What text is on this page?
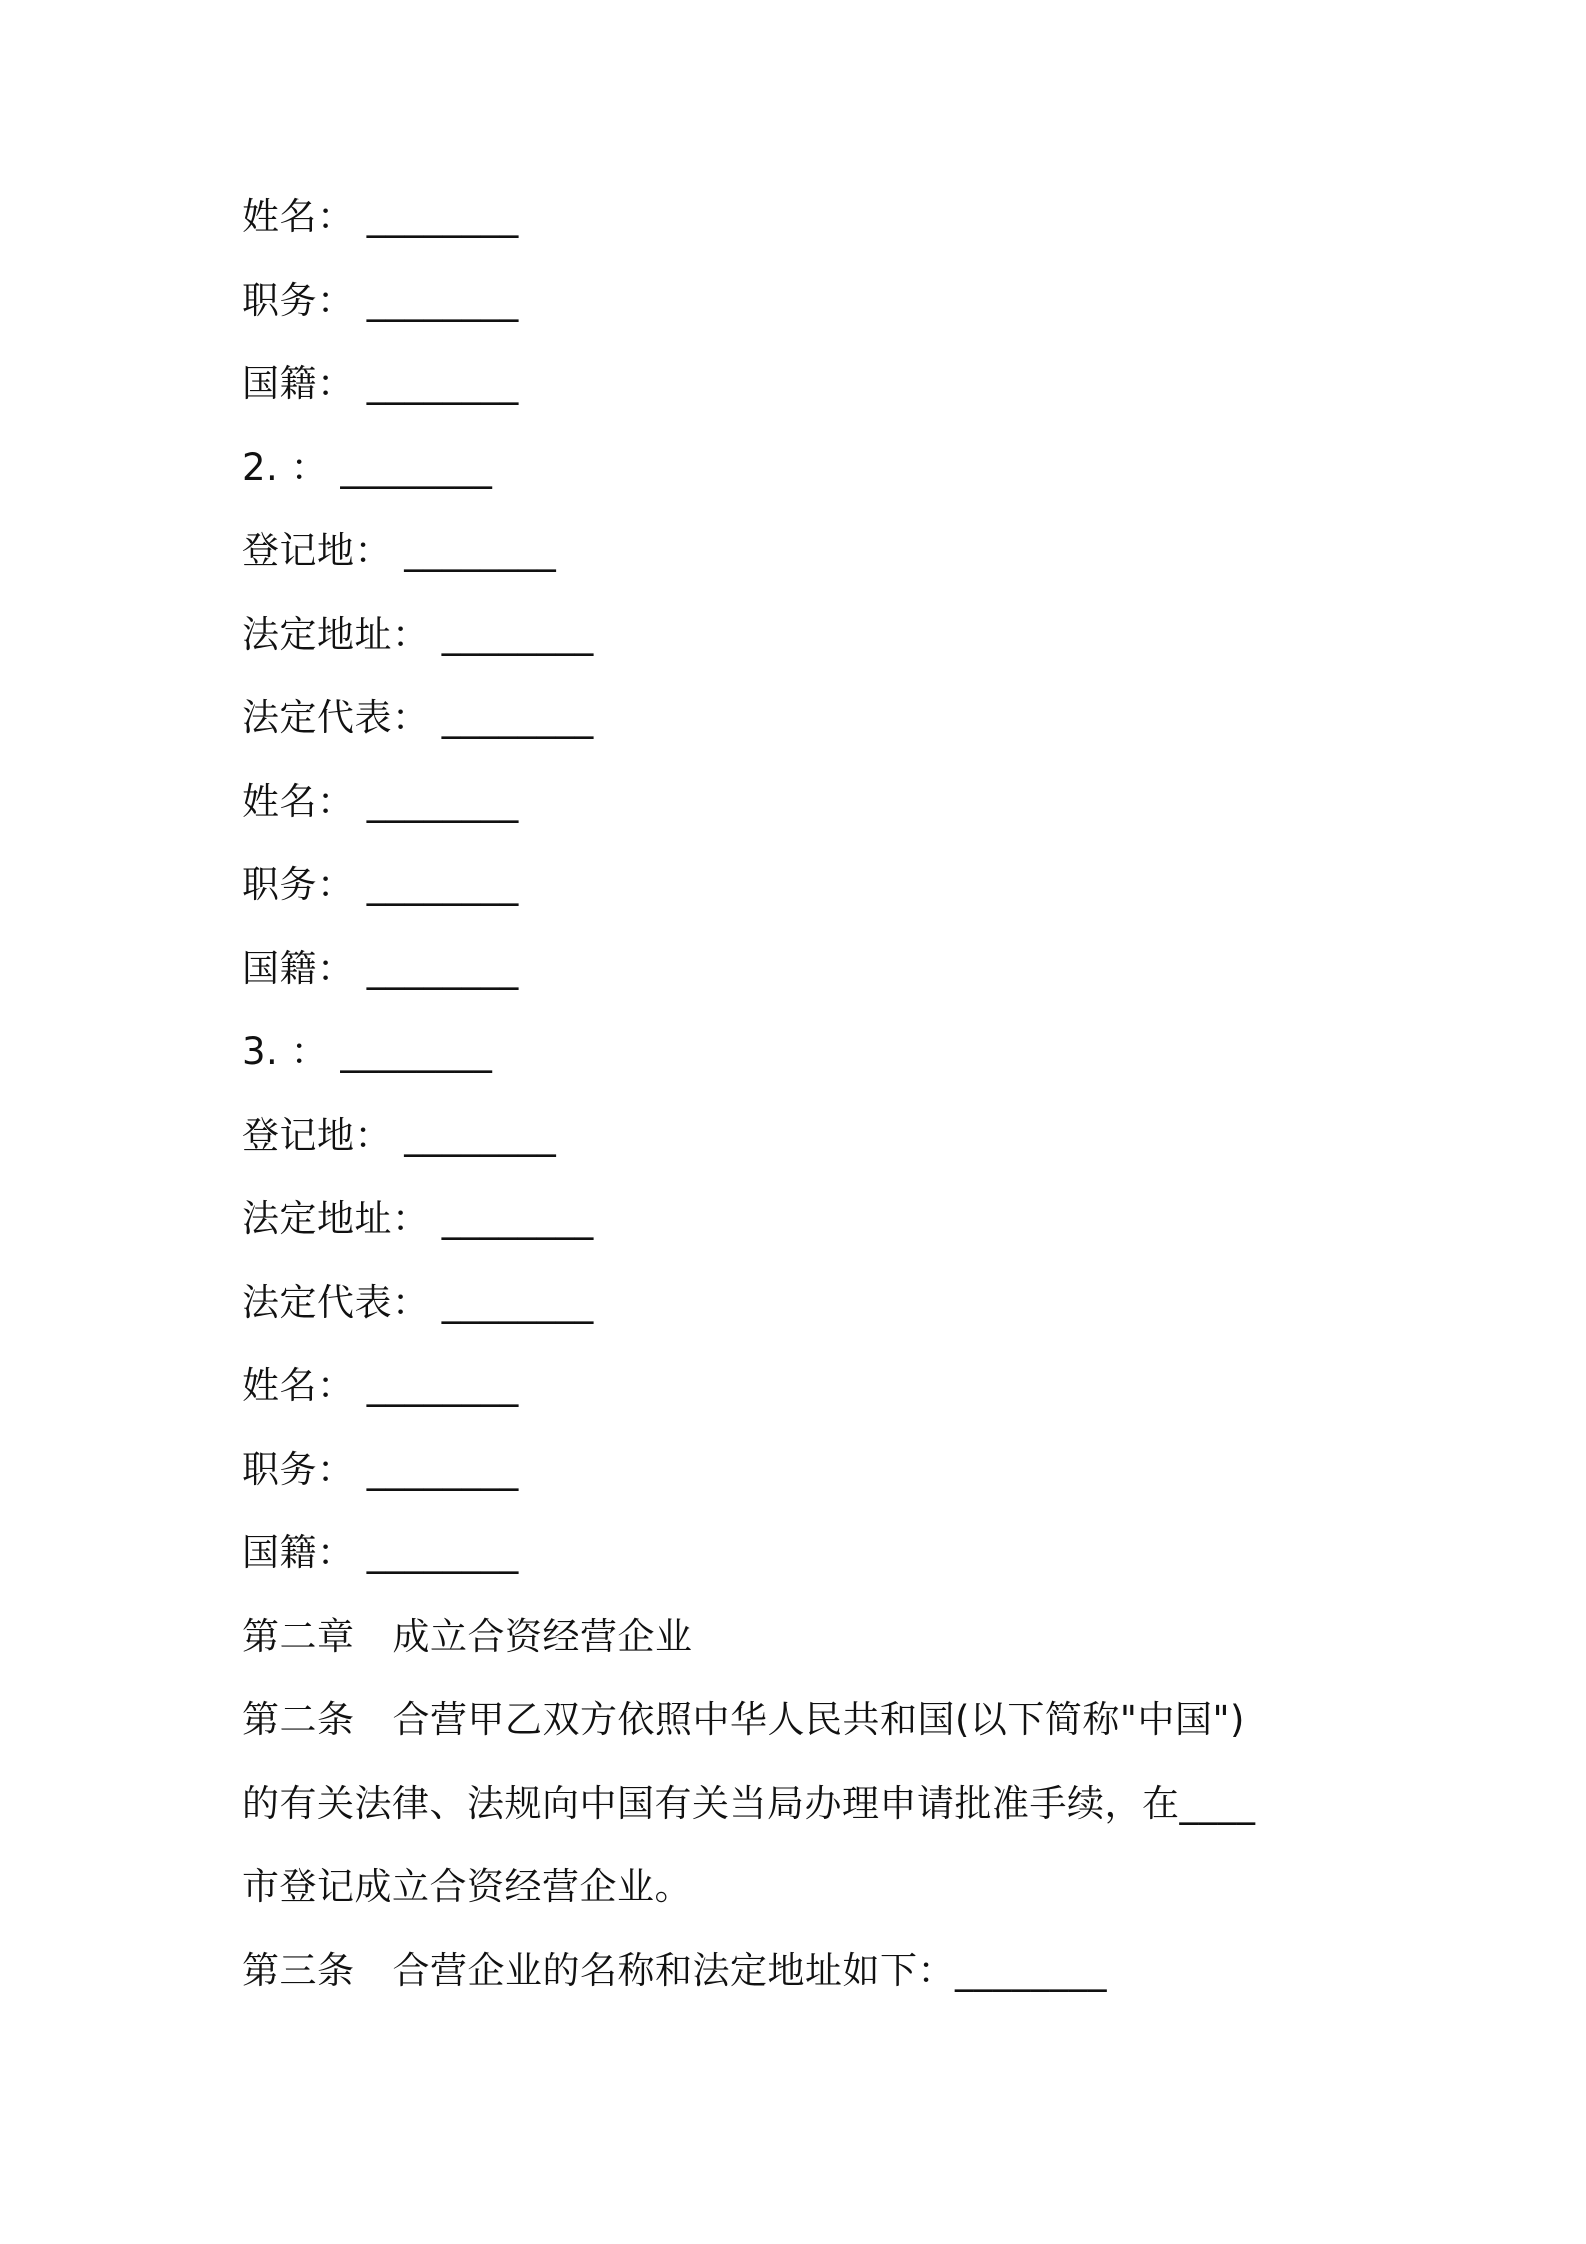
姓名： ________
职务： ________
国籍： ________
2. ： ________
登记地： ________
法定地址： ________
法定代表： ________
姓名： ________
职务： ________
国籍： ________
3. ： ________
登记地： ________
法定地址： ________
法定代表： ________
姓名： ________
职务： ________
国籍： ________
第二章 成立合资经营企业
第二条 合营甲乙双方依照中华人民共和国(以下简称"中国")
的有关法律、法规向中国有关当局办理申请批准手续，在____
市登记成立合资经营企业。
第三条 合营企业的名称和法定地址如下：________
